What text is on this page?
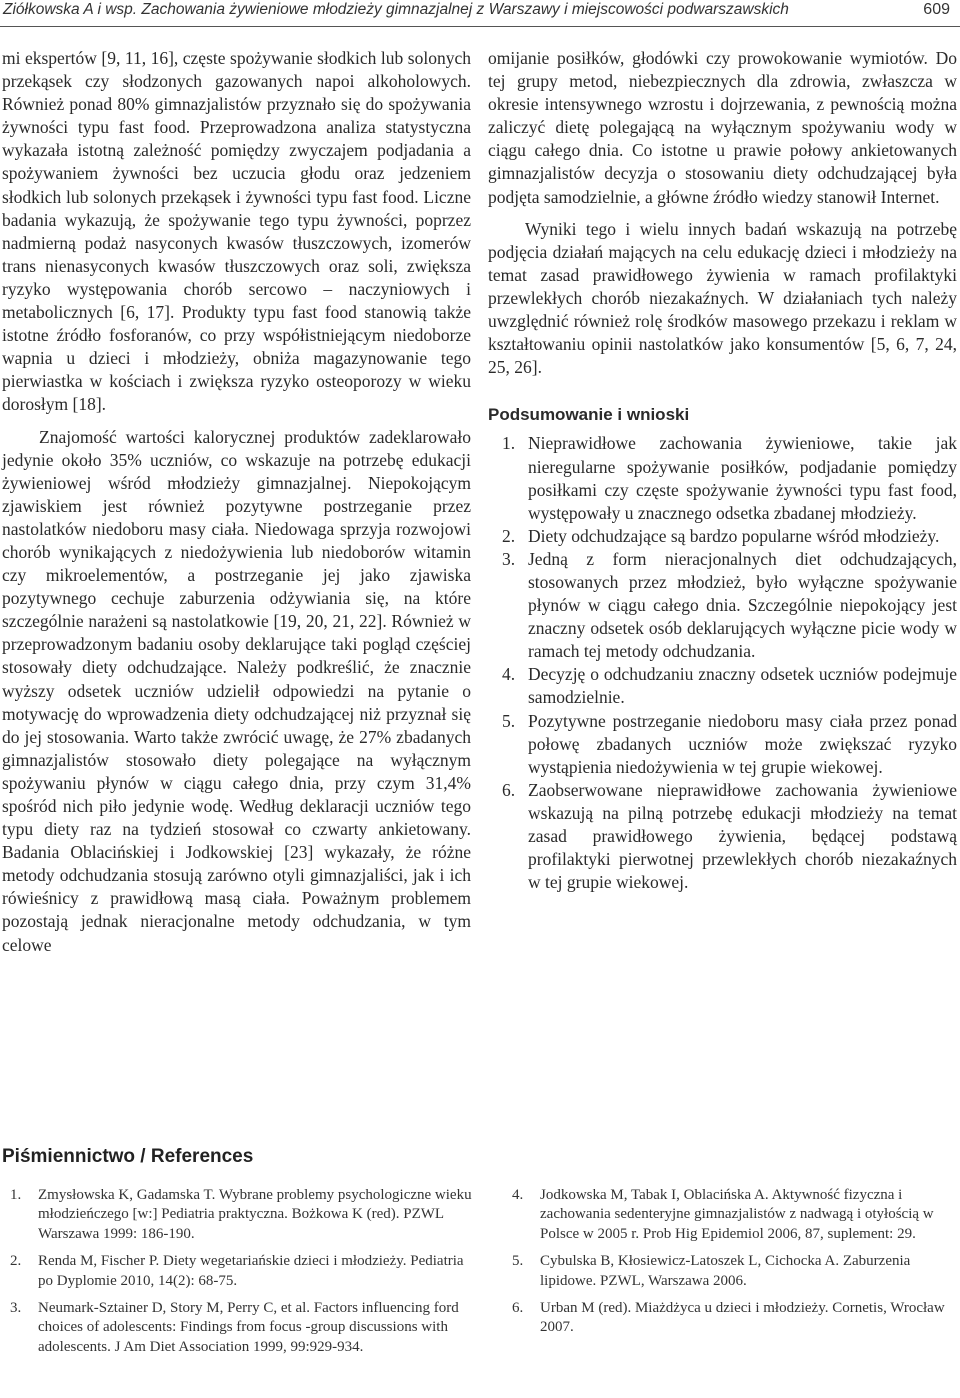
Ziółkowska A i wsp. Zachowania żywieniowe młodzieży gimnazjalnej z Warszawy i miejscowości podwarszawskich	609

mi ekspertów [9, 11, 16], częste spożywanie słodkich lub solonych przekąsek czy słodzonych gazowanych napoi alkoholowych. Również ponad 80% gimnazjalistów przyznało się do spożywania żywności typu fast food. Przeprowadzona analiza statystyczna wykazała istotną zależność pomiędzy zwyczajem podjadania a spożywaniem żywności bez uczucia głodu oraz jedzeniem słodkich lub solonych przekąsek i żywności typu fast food. Liczne badania wykazują, że spożywanie tego typu żywności, poprzez nadmierną podaż nasyconych kwasów tłuszczowych, izomerów trans nienasyconych kwasów tłuszczowych oraz soli, zwiększa ryzyko występowania chorób sercowo – naczyniowych i metabolicznych [6, 17]. Produkty typu fast food stanowią także istotne źródło fosforanów, co przy współistniejącym niedoborze wapnia u dzieci i młodzieży, obniża magazynowanie tego pierwiastka w kościach i zwiększa ryzyko osteoporozy w wieku dorosłym [18].

Znajomość wartości kalorycznej produktów zadeklarowało jedynie około 35% uczniów, co wskazuje na potrzebę edukacji żywieniowej wśród młodzieży gimnazjalnej. Niepokojącym zjawiskiem jest również pozytywne postrzeganie przez nastolatków niedoboru masy ciała. Niedowaga sprzyja rozwojowi chorób wynikających z niedożywienia lub niedoborów witamin czy mikroelementów, a postrzeganie jej jako zjawiska pozytywnego cechuje zaburzenia odżywiania się, na które szczególnie narażeni są nastolatkowie [19, 20, 21, 22]. Również w przeprowadzonym badaniu osoby deklarujące taki pogląd częściej stosowały diety odchudzające. Należy podkreślić, że znacznie wyższy odsetek uczniów udzielił odpowiedzi na pytanie o motywację do wprowadzenia diety odchudzającej niż przyznał się do jej stosowania. Warto także zwrócić uwagę, że 27% zbadanych gimnazjalistów stosowało diety polegające na wyłącznym spożywaniu płynów w ciągu całego dnia, przy czym 31,4% spośród nich piło jedynie wodę. Według deklaracji uczniów tego typu diety raz na tydzień stosował co czwarty ankietowany. Badania Oblacińskiej i Jodkowskiej [23] wykazały, że różne metody odchudzania stosują zarówno otyli gimnazjaliści, jak i ich rówieśnicy z prawidłową masą ciała. Poważnym problemem pozostają jednak nieracjonalne metody odchudzania, w tym celowe

omijanie posiłków, głodówki czy prowokowanie wymiotów. Do tej grupy metod, niebezpiecznych dla zdrowia, zwłaszcza w okresie intensywnego wzrostu i dojrzewania, z pewnością można zaliczyć dietę polegającą na wyłącznym spożywaniu wody w ciągu całego dnia. Co istotne u prawie połowy ankietowanych gimnazjalistów decyzja o stosowaniu diety odchudzającej była podjęta samodzielnie, a główne źródło wiedzy stanowił Internet.

Wyniki tego i wielu innych badań wskazują na potrzebę podjęcia działań mających na celu edukację dzieci i młodzieży na temat zasad prawidłowego żywienia w ramach profilaktyki przewlekłych chorób niezakaźnych. W działaniach tych należy uwzględnić również rolę środków masowego przekazu i reklam w kształtowaniu opinii nastolatków jako konsumentów [5, 6, 7, 24, 25, 26].

Podsumowanie i wnioski
1. Nieprawidłowe zachowania żywieniowe, takie jak nieregularne spożywanie posiłków, podjadanie pomiędzy posiłkami czy częste spożywanie żywności typu fast food, występowały u znacznego odsetka zbadanej młodzieży.
2. Diety odchudzające są bardzo popularne wśród młodzieży.
3. Jedną z form nieracjonalnych diet odchudzających, stosowanych przez młodzież, było wyłączne spożywanie płynów w ciągu całego dnia. Szczególnie niepokojący jest znaczny odsetek osób deklarujących wyłączne picie wody w ramach tej metody odchudzania.
4. Decyzję o odchudzaniu znaczny odsetek uczniów podejmuje samodzielnie.
5. Pozytywne postrzeganie niedoboru masy ciała przez ponad połowę zbadanych uczniów może zwiększać ryzyko wystąpienia niedożywienia w tej grupie wiekowej.
6. Zaobserwowane nieprawidłowe zachowania żywieniowe wskazują na pilną potrzebę edukacji młodzieży na temat zasad prawidłowego żywienia, będącej podstawą profilaktyki pierwotnej przewlekłych chorób niezakaźnych w tej grupie wiekowej.
Piśmiennictwo / References
1. Zmysłowska K, Gadamska T. Wybrane problemy psychologiczne wieku młodzieńczego [w:] Pediatria praktyczna. Bożkowa K (red). PZWL Warszawa 1999: 186-190.
2. Renda M, Fischer P. Diety wegetariańskie dzieci i młodzieży. Pediatria po Dyplomie 2010, 14(2): 68-75.
3. Neumark-Sztainer D, Story M, Perry C, et al. Factors influencing ford choices of adolescents: Findings from focus -group discussions with adolescents. J Am Diet Association 1999, 99:929-934.
4. Jodkowska M, Tabak I, Oblacińska A. Aktywność fizyczna i zachowania sedenteryjne gimnazjalistów z nadwagą i otyłością w Polsce w 2005 r. Prob Hig Epidemiol 2006, 87, suplement: 29.
5. Cybulska B, Kłosiewicz-Latoszek L, Cichocka A. Zaburzenia lipidowe. PZWL, Warszawa 2006.
6. Urban M (red). Miażdżyca u dzieci i młodzieży. Cornetis, Wrocław 2007.
